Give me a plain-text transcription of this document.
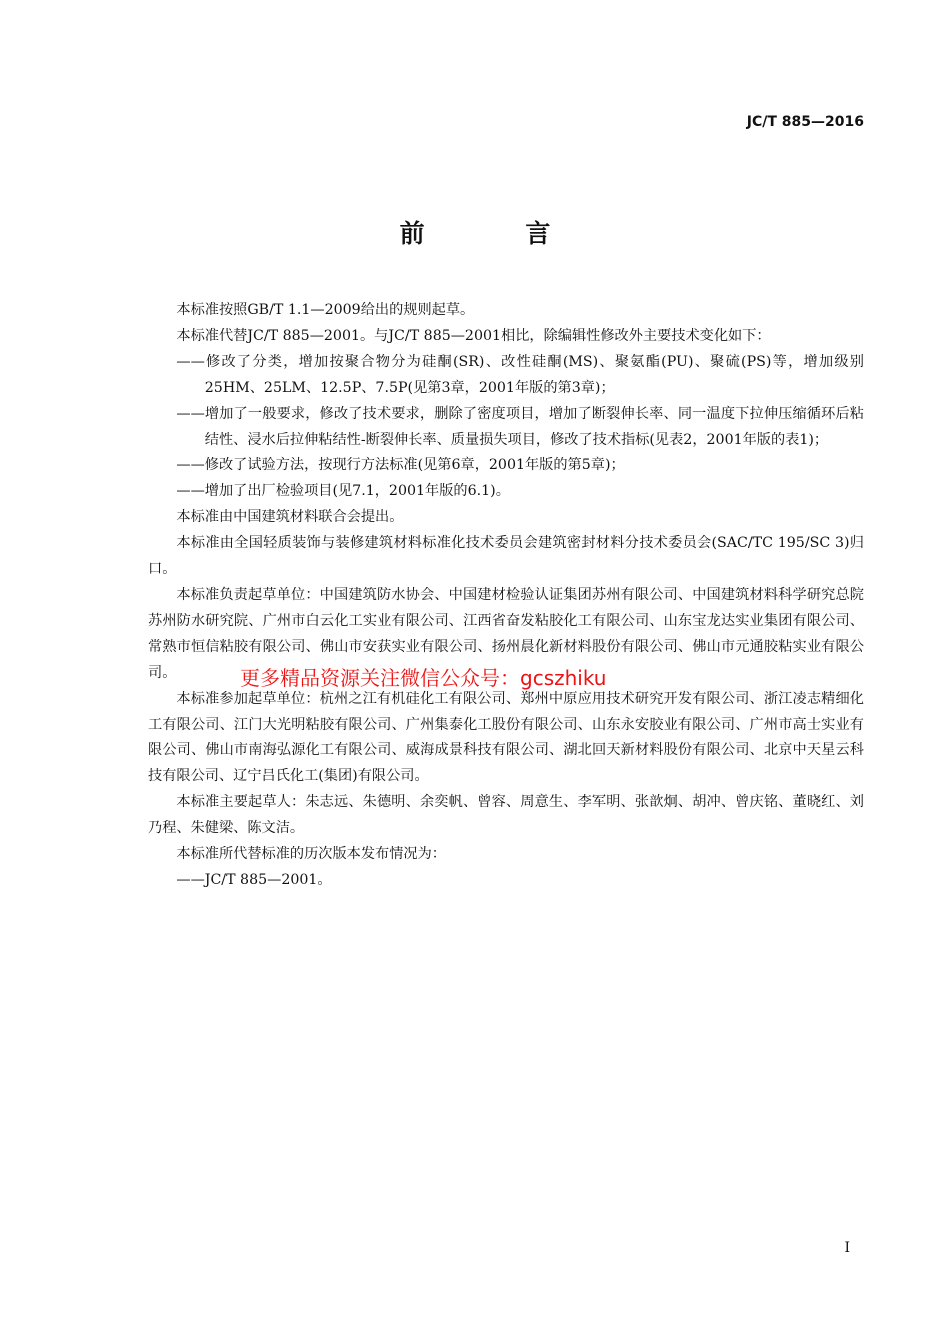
JC/T 885—2016
前 言

本标准按照GB/T 1.1—2009给出的规则起草。

本标准代替JC/T 885—2001。与JC/T 885—2001相比，除编辑性修改外主要技术变化如下：

——修改了分类，增加按聚合物分为硅酮(SR)、改性硅酮(MS)、聚氨酯(PU)、聚硫(PS)等，增加级别25HM、25LM、12.5P、7.5P(见第3章，2001年版的第3章)；

——增加了一般要求，修改了技术要求，删除了密度项目，增加了断裂伸长率、同一温度下拉伸压缩循环后粘结性、浸水后拉伸粘结性-断裂伸长率、质量损失项目，修改了技术指标(见表2，2001年版的表1)；

——修改了试验方法，按现行方法标准(见第6章，2001年版的第5章)；

——增加了出厂检验项目(见7.1，2001年版的6.1)。

本标准由中国建筑材料联合会提出。

本标准由全国轻质装饰与装修建筑材料标准化技术委员会建筑密封材料分技术委员会(SAC/TC 195/SC 3)归口。

本标准负责起草单位：中国建筑防水协会、中国建材检验认证集团苏州有限公司、中国建筑材料科学研究总院苏州防水研究院、广州市白云化工实业有限公司、江西省奋发粘胶化工有限公司、山东宝龙达实业集团有限公司、常熟市恒信粘胶有限公司、佛山市安获实业有限公司、扬州晨化新材料股份有限公司、佛山市元通胶粘实业有限公司。

本标准参加起草单位：杭州之江有机硅化工有限公司、郑州中原应用技术研究开发有限公司、浙江凌志精细化工有限公司、江门大光明粘胶有限公司、广州集泰化工股份有限公司、山东永安胶业有限公司、广州市高士实业有限公司、佛山市南海弘源化工有限公司、威海成景科技有限公司、湖北回天新材料股份有限公司、北京中天星云科技有限公司、辽宁吕氏化工(集团)有限公司。

本标准主要起草人：朱志远、朱德明、余奕帆、曾容、周意生、李军明、张歆炯、胡冲、曾庆铭、董晓红、刘乃程、朱健梁、陈文洁。

本标准所代替标准的历次版本发布情况为：

——JC/T 885—2001。

更多精品资源关注微信公众号：gcszhiku
I
